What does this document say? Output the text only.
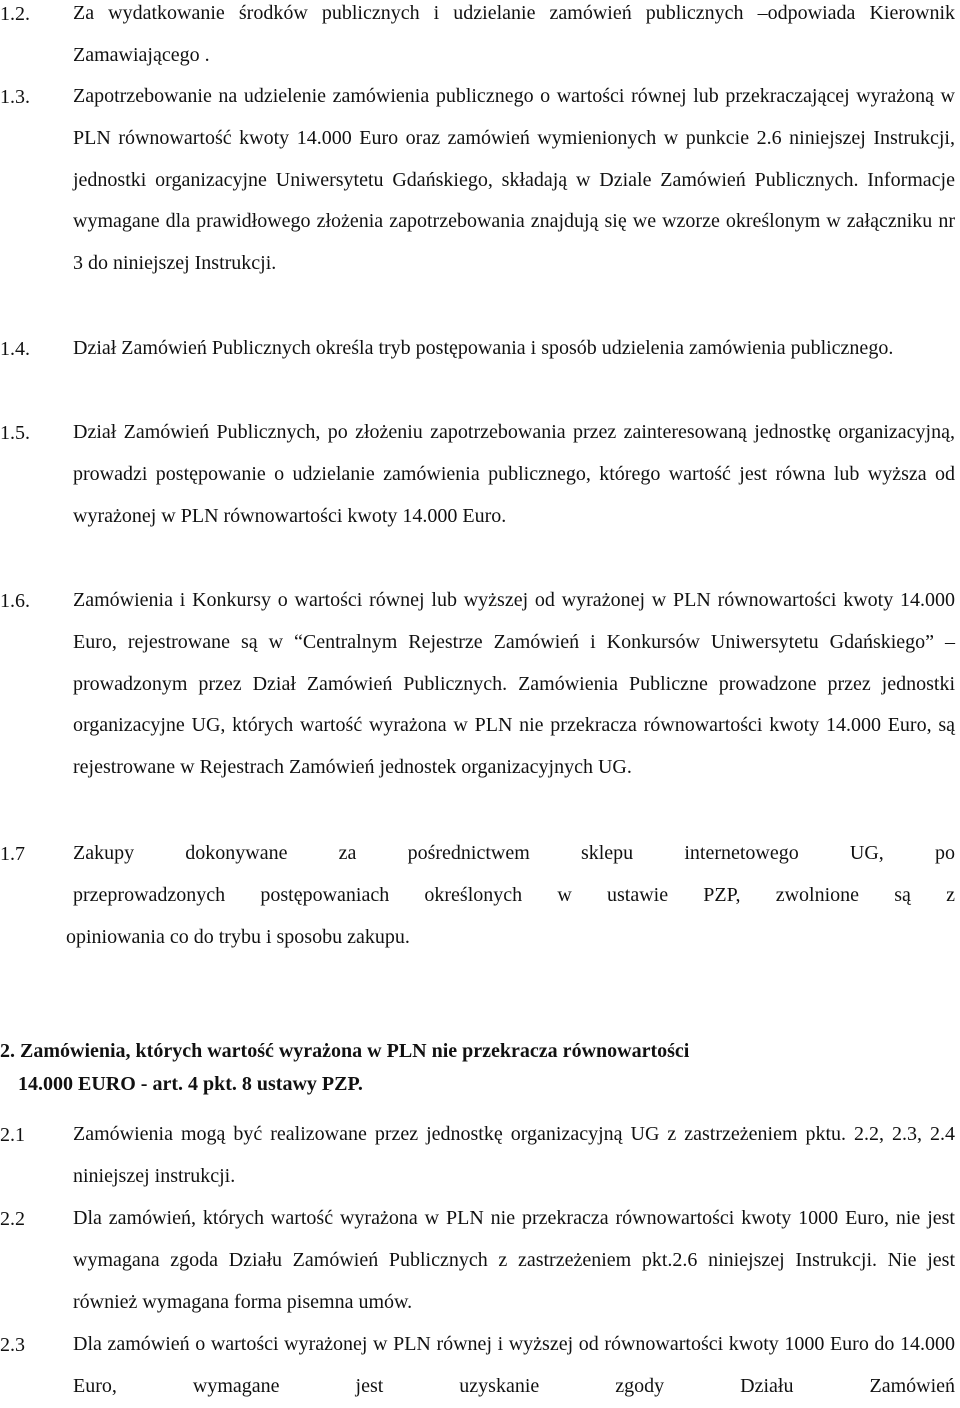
1.2. Za wydatkowanie środków publicznych i udzielanie zamówień publicznych –odpowiada Kierownik Zamawiającego .
1.3. Zapotrzebowanie na udzielenie zamówienia publicznego o wartości równej lub przekraczającej wyrażoną w PLN równowartość kwoty 14.000 Euro oraz zamówień wymienionych w punkcie 2.6 niniejszej Instrukcji, jednostki organizacyjne Uniwersytetu Gdańskiego, składają w Dziale Zamówień Publicznych. Informacje wymagane dla prawidłowego złożenia zapotrzebowania znajdują się we wzorze określonym w załączniku nr 3 do niniejszej Instrukcji.
1.4. Dział Zamówień Publicznych określa tryb postępowania i sposób udzielenia zamówienia publicznego.
1.5. Dział Zamówień Publicznych, po złożeniu zapotrzebowania przez zainteresowaną jednostkę organizacyjną, prowadzi postępowanie o udzielanie zamówienia publicznego, którego wartość jest równa lub wyższa od wyrażonej w PLN równowartości kwoty 14.000 Euro.
1.6. Zamówienia i Konkursy o wartości równej lub wyższej od wyrażonej w PLN równowartości kwoty 14.000 Euro, rejestrowane są w “Centralnym Rejestrze Zamówień i Konkursów Uniwersytetu Gdańskiego” – prowadzonym przez Dział Zamówień Publicznych. Zamówienia Publiczne prowadzone przez jednostki organizacyjne UG, których wartość wyrażona w PLN nie przekracza równowartości kwoty 14.000 Euro, są rejestrowane w Rejestrach Zamówień jednostek organizacyjnych UG.
1.7 Zakupy dokonywane za pośrednictwem sklepu internetowego UG, po
przeprowadzonych postępowaniach określonych w ustawie PZP, zwolnione są z
opiniowania co do trybu i sposobu zakupu.
2. Zamówienia, których wartość wyrażona w PLN nie przekracza równowartości
14.000 EURO - art. 4 pkt. 8 ustawy PZP.
2.1 Zamówienia mogą być realizowane przez jednostkę organizacyjną UG z zastrzeżeniem pktu. 2.2, 2.3, 2.4 niniejszej instrukcji.
2.2 Dla zamówień, których wartość wyrażona w PLN nie przekracza równowartości kwoty 1000 Euro, nie jest wymagana zgoda Działu Zamówień Publicznych z zastrzeżeniem pkt.2.6 niniejszej Instrukcji. Nie jest również wymagana forma pisemna umów.
2.3 Dla zamówień o wartości wyrażonej w PLN równej i wyższej od równowartości kwoty 1000 Euro do 14.000 Euro, wymagane jest uzyskanie zgody Działu Zamówień
